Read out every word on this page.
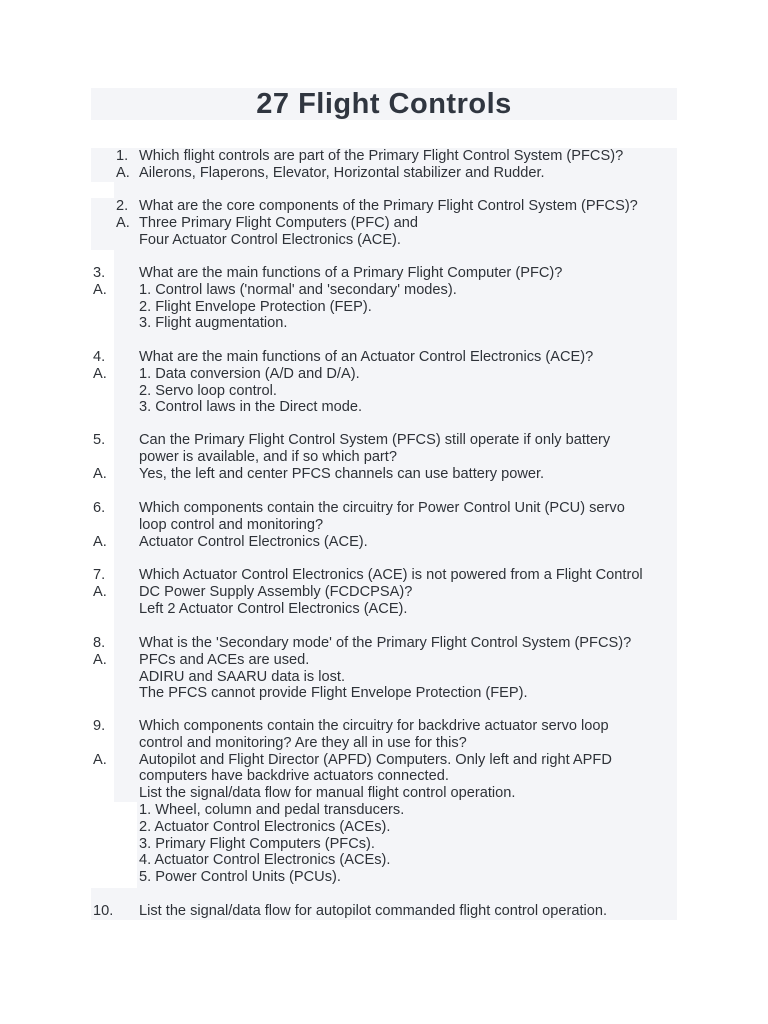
27 Flight Controls
1. Which flight controls are part of the Primary Flight Control System (PFCS)?
A. Ailerons, Flaperons, Elevator, Horizontal stabilizer and Rudder.
2. What are the core components of the Primary Flight Control System (PFCS)?
A. Three Primary Flight Computers (PFC) and
Four Actuator Control Electronics (ACE).
3. What are the main functions of a Primary Flight Computer (PFC)?
A. 1. Control laws ('normal' and 'secondary' modes).
2. Flight Envelope Protection (FEP).
3. Flight augmentation.
4. What are the main functions of an Actuator Control Electronics (ACE)?
A. 1. Data conversion (A/D and D/A).
2. Servo loop control.
3. Control laws in the Direct mode.
5. Can the Primary Flight Control System (PFCS) still operate if only battery
power is available, and if so which part?
A. Yes, the left and center PFCS channels can use battery power.
6. Which components contain the circuitry for Power Control Unit (PCU) servo
loop control and monitoring?
A. Actuator Control Electronics (ACE).
7. Which Actuator Control Electronics (ACE) is not powered from a Flight Control
A. DC Power Supply Assembly (FCDCPSA)?
Left 2 Actuator Control Electronics (ACE).
8. What is the 'Secondary mode' of the Primary Flight Control System (PFCS)?
A. PFCs and ACEs are used.
ADIRU and SAARU data is lost.
The PFCS cannot provide Flight Envelope Protection (FEP).
9. Which components contain the circuitry for backdrive actuator servo loop
control and monitoring? Are they all in use for this?
A. Autopilot and Flight Director (APFD) Computers. Only left and right APFD
computers have backdrive actuators connected.
List the signal/data flow for manual flight control operation.
1. Wheel, column and pedal transducers.
2. Actuator Control Electronics (ACEs).
3. Primary Flight Computers (PFCs).
4. Actuator Control Electronics (ACEs).
5. Power Control Units (PCUs).
10. List the signal/data flow for autopilot commanded flight control operation.
